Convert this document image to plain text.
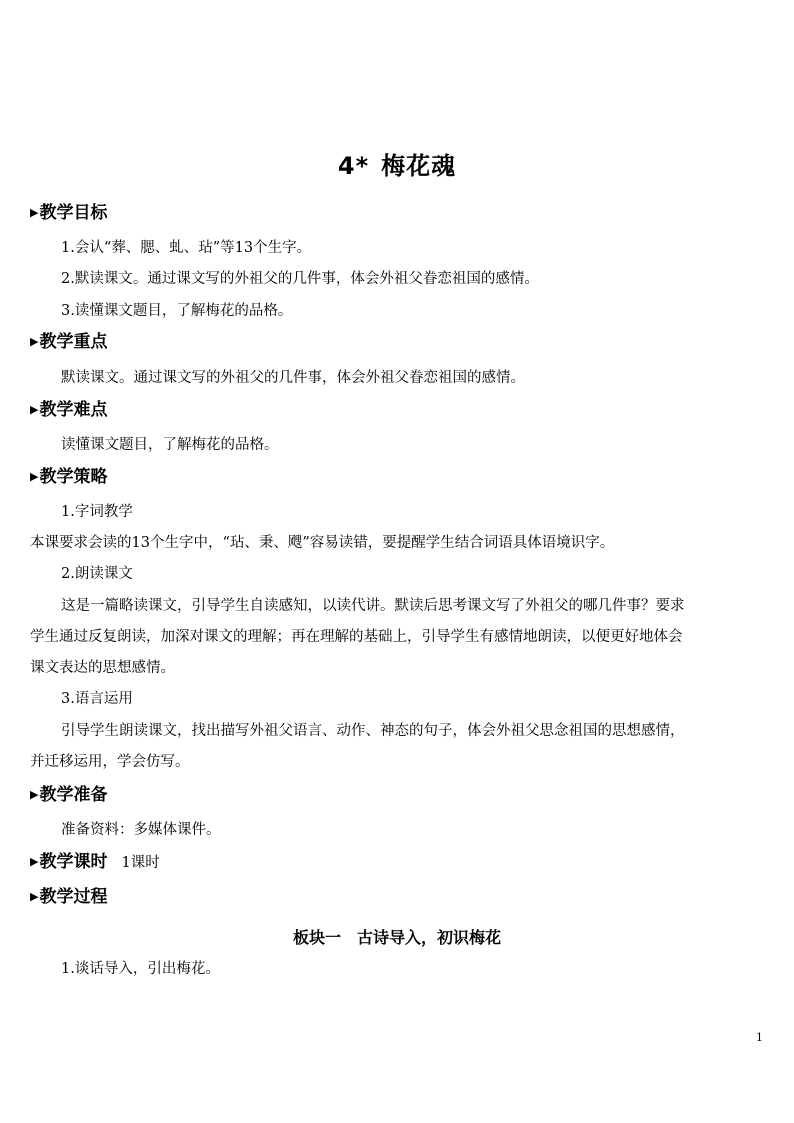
4* 梅花魂
▶教学目标
1.会认“葬、腮、虬、玷”等13个生字。
2.默读课文。通过课文写的外祖父的几件事，体会外祖父眷恋祖国的感情。
3.读懂课文题目，了解梅花的品格。
▶教学重点
默读课文。通过课文写的外祖父的几件事，体会外祖父眷恋祖国的感情。
▶教学难点
读懂课文题目，了解梅花的品格。
▶教学策略
1.字词教学
本课要求会读的13个生字中，“玷、秉、飕”容易读错，要提醒学生结合词语具体语境识字。
2.朗读课文
这是一篇略读课文，引导学生自读感知，以读代讲。默读后思考课文写了外祖父的哪几件事？要求
学生通过反复朗读，加深对课文的理解；再在理解的基础上，引导学生有感情地朗读，以便更好地体会
课文表达的思想感情。
3.语言运用
引导学生朗读课文，找出描写外祖父语言、动作、神态的句子，体会外祖父思念祖国的思想感情，
并迁移运用，学会仿写。
▶教学准备
准备资料：多媒体课件。
▶教学课时 1课时
▶教学过程
板块一　古诗导入，初识梅花
1.谈话导入，引出梅花。
1
